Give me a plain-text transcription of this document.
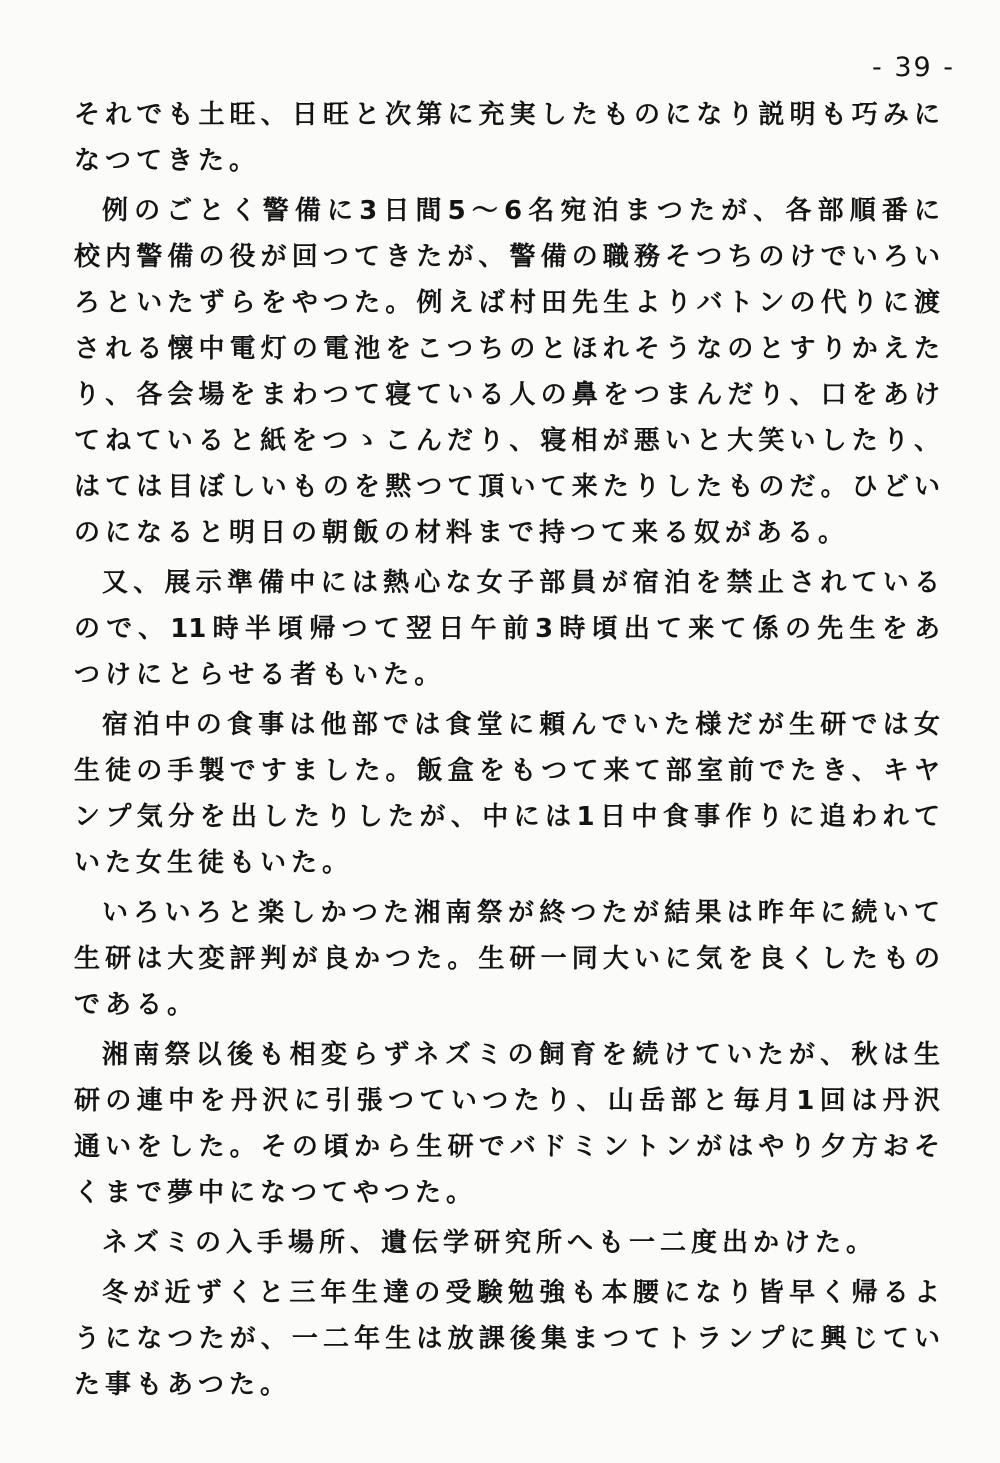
- 39 -
それでも土旺、日旺と次第に充実したものになり説明も巧みに
なつてきた。
例のごとく警備に3日間5〜6名宛泊まつたが、各部順番に
校内警備の役が回つてきたが、警備の職務そつちのけでいろい
ろといたずらをやつた。例えば村田先生よりバトンの代りに渡
される懐中電灯の電池をこつちのとほれそうなのとすりかえた
り、各会場をまわつて寝ている人の鼻をつまんだり、口をあけ
てねていると紙をつゝこんだり、寝相が悪いと大笑いしたり、
はては目ぼしいものを黙つて頂いて来たりしたものだ。ひどい
のになると明日の朝飯の材料まで持つて来る奴がある。
又、展示準備中には熱心な女子部員が宿泊を禁止されている
ので、11時半頃帰つて翌日午前3時頃出て来て係の先生をあ
つけにとらせる者もいた。
宿泊中の食事は他部では食堂に頼んでいた様だが生研では女
生徒の手製ですました。飯盒をもつて来て部室前でたき、キヤ
ンプ気分を出したりしたが、中には1日中食事作りに追われて
いた女生徒もいた。
いろいろと楽しかつた湘南祭が終つたが結果は昨年に続いて
生研は大変評判が良かつた。生研一同大いに気を良くしたもの
である。
湘南祭以後も相変らずネズミの飼育を続けていたが、秋は生
研の連中を丹沢に引張つていつたり、山岳部と毎月1回は丹沢
通いをした。その頃から生研でバドミントンがはやり夕方おそ
くまで夢中になつてやつた。
ネズミの入手場所、遺伝学研究所へも一二度出かけた。
冬が近ずくと三年生達の受験勉強も本腰になり皆早く帰るよ
うになつたが、一二年生は放課後集まつてトランプに興じてい
た事もあつた。
